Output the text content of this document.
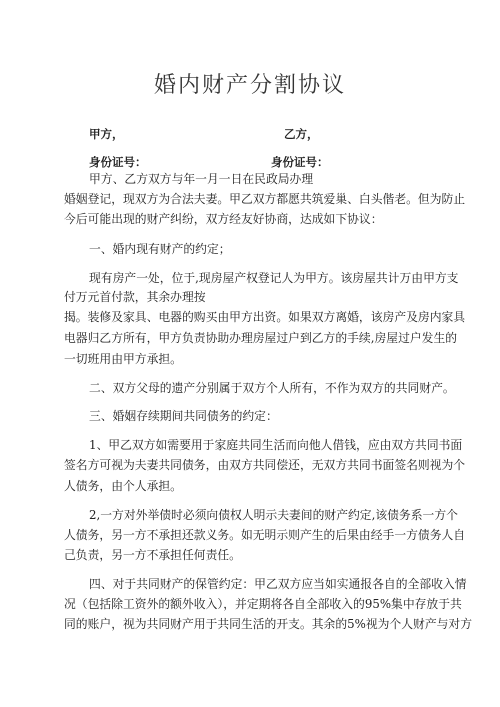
婚内财产分割协议
甲方，	乙方，
身份证号：	身份证号：
甲方、乙方双方与年一月一日在民政局办理
婚姻登记，现双方为合法夫妻。甲乙双方都愿共筑爱巢、白头偕老。但为防止
今后可能出现的财产纠纷，双方经友好协商，达成如下协议：
一、婚内现有财产的约定；
现有房产一处，位于,现房屋产权登记人为甲方。该房屋共计万由甲方支
付万元首付款，其余办理按
揭。装修及家具、电器的购买由甲方出资。如果双方离婚，该房产及房内家具
电器归乙方所有，甲方负责协助办理房屋过户到乙方的手续,房屋过户发生的
一切班用由甲方承担。
二、双方父母的遗产分别属于双方个人所有，不作为双方的共同财产。
三、婚姻存续期间共同债务的约定：
1、甲乙双方如需要用于家庭共同生活而向他人借钱，应由双方共同书面
签名方可视为夫妻共同债务，由双方共同偿还，无双方共同书面签名则视为个
人债务，由个人承担。
2,一方对外举债时必须向债权人明示夫妻间的财产约定,该债务系一方个
人债务，另一方不承担还款义务。如无明示则产生的后果由经手一方债务人自
己负责，另一方不承担任何责任。
四、对于共同财产的保管约定：甲乙双方应当如实通报各自的全部收入情
况（包括除工资外的额外收入），并定期将各自全部收入的95%集中存放于共
同的账户，视为共同财产用于共同生活的开支。其余的5%视为个人财产与对方
